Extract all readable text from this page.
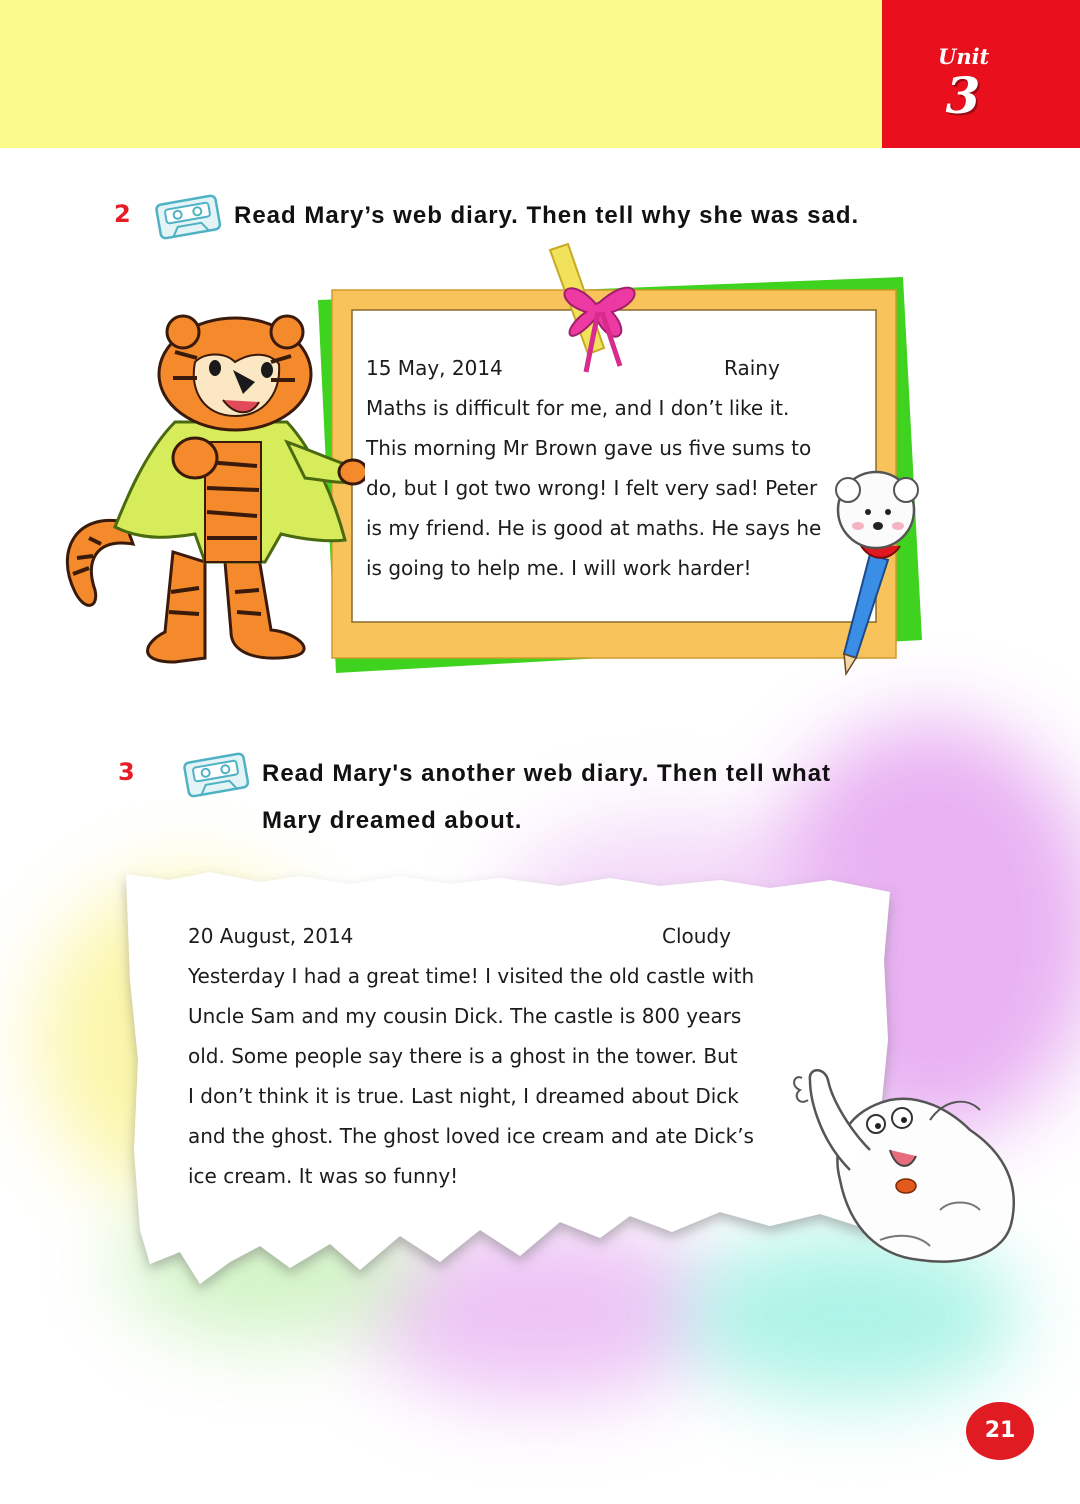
Unit
3
2	Read Mary’s web diary. Then tell why she was sad.
15 May, 2014	Rainy
Maths is difficult for me, and I don’t like it.
This morning Mr Brown gave us five sums to
do, but I got two wrong! I felt very sad! Peter
is my friend. He is good at maths. He says he
is going to help me. I will work harder!
3	Read Mary's another web diary. Then tell what
Mary dreamed about.
20 August, 2014	Cloudy
Yesterday I had a great time! I visited the old castle with
Uncle Sam and my cousin Dick. The castle is 800 years
old. Some people say there is a ghost in the tower. But
I don’t think it is true. Last night, I dreamed about Dick
and the ghost. The ghost loved ice cream and ate Dick’s
ice cream. It was so funny!
21
